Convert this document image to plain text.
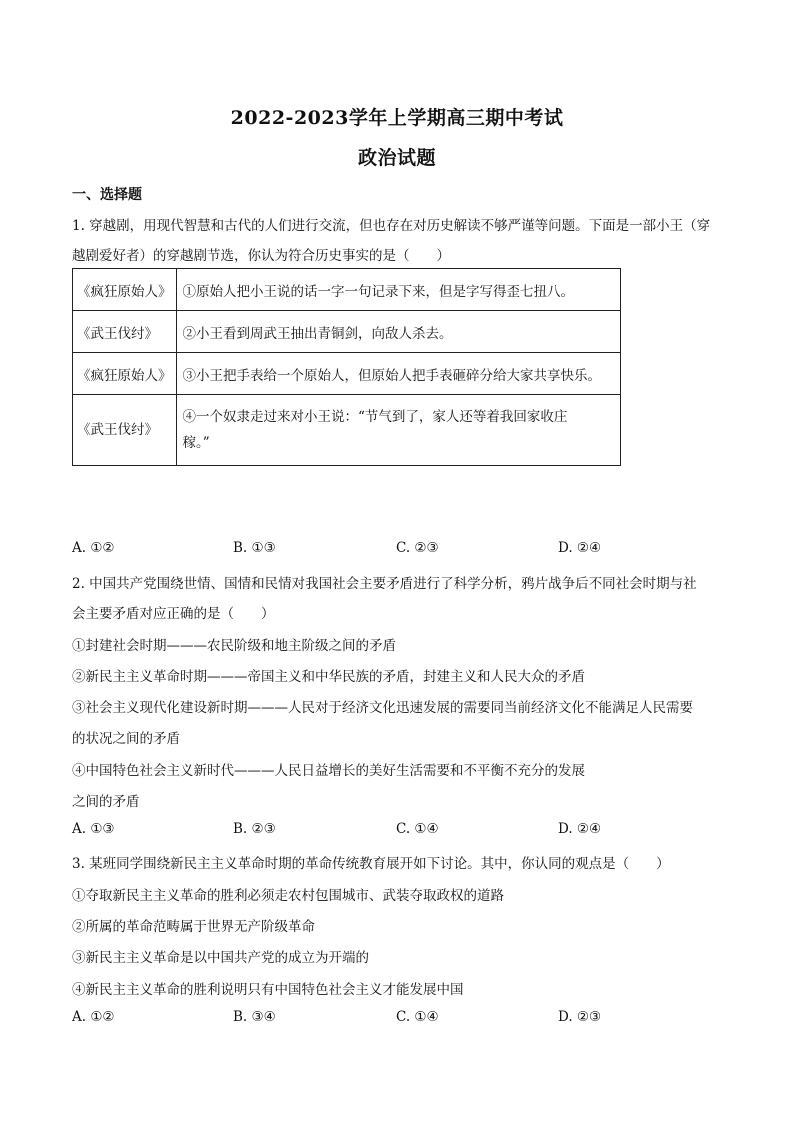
2022-2023学年上学期高三期中考试
政治试题
一、选择题
1. 穿越剧，用现代智慧和古代的人们进行交流，但也存在对历史解读不够严谨等问题。下面是一部小王（穿
越剧爱好者）的穿越剧节选，你认为符合历史事实的是（　　）
《疯狂原始人》	①原始人把小王说的话一字一句记录下来，但是字写得歪七扭八。
《武王伐纣》	②小王看到周武王抽出青铜剑，向敌人杀去。
《疯狂原始人》	③小王把手表给一个原始人，但原始人把手表砸碎分给大家共享快乐。
《武王伐纣》	④一个奴隶走过来对小王说：“节气到了，家人还等着我回家收庄
稼。”
A. ①②	B. ①③	C. ②③	D. ②④
2. 中国共产党围绕世情、国情和民情对我国社会主要矛盾进行了科学分析，鸦片战争后不同社会时期与社
会主要矛盾对应正确的是（　　）
①封建社会时期———农民阶级和地主阶级之间的矛盾
②新民主主义革命时期———帝国主义和中华民族的矛盾，封建主义和人民大众的矛盾
③社会主义现代化建设新时期———人民对于经济文化迅速发展的需要同当前经济文化不能满足人民需要
的状况之间的矛盾
④中国特色社会主义新时代———人民日益增长的美好生活需要和不平衡不充分的发展
之间的矛盾
A. ①③	B. ②③	C. ①④	D. ②④
3. 某班同学围绕新民主主义革命时期的革命传统教育展开如下讨论。其中，你认同的观点是（　　）
①夺取新民主主义革命的胜利必须走农村包围城市、武装夺取政权的道路
②所属的革命范畴属于世界无产阶级革命
③新民主主义革命是以中国共产党的成立为开端的
④新民主主义革命的胜利说明只有中国特色社会主义才能发展中国
A. ①②	B. ③④	C. ①④	D. ②③
